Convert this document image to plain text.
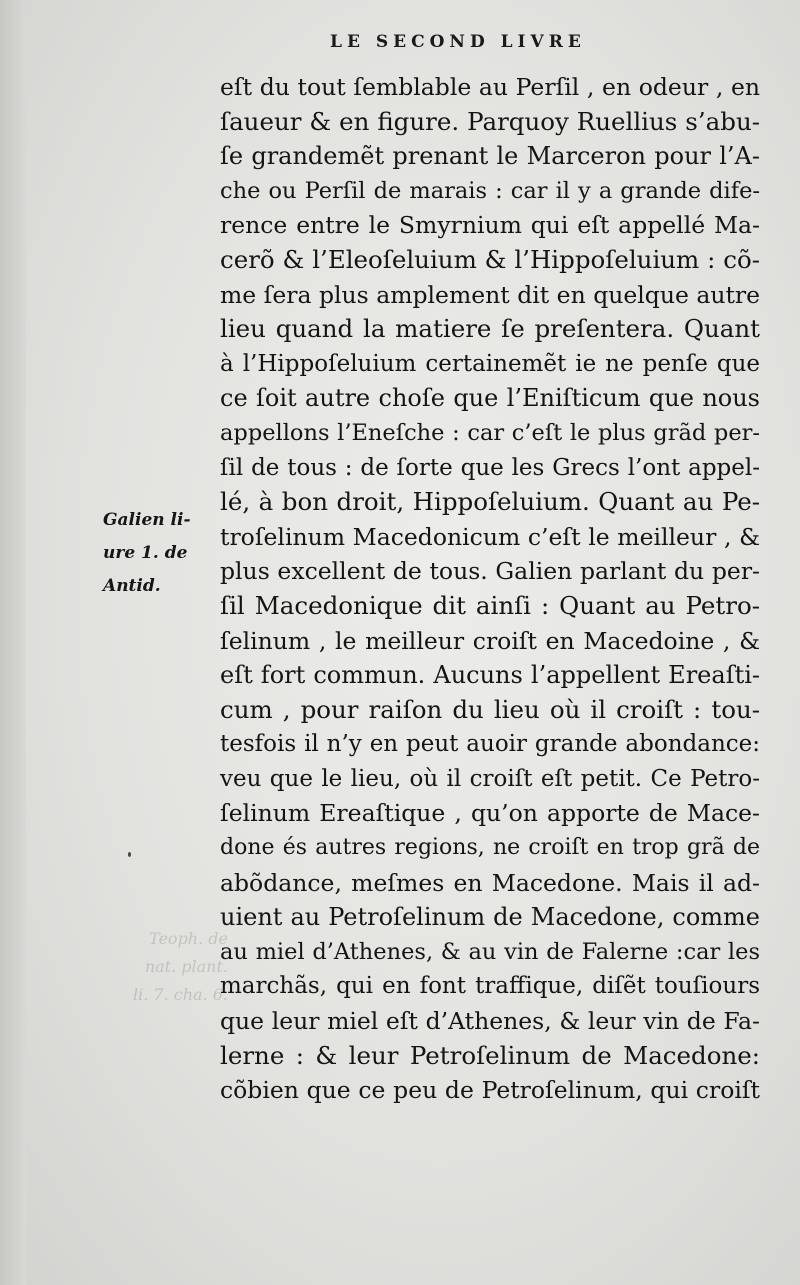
LE SECOND LIVRE
Galien li-
ure 1. de
Antid.
Teoph. de
nat. plant.
li. 7. cha. 6.
eſt du tout ſemblable au Perſil , en odeur , en
ſaueur & en figure. Parquoy Ruellius s’abu-
ſe grandemẽt prenant le Marceron pour l’A-
che ou Perſil de marais : car il y a grande dife-
rence entre le Smyrnium qui eſt appellé Ma-
cerõ & l’Eleoſeluium & l’Hippoſeluium : cõ-
me ſera plus amplement dit en quelque autre
lieu quand la matiere ſe preſentera. Quant
à l’Hippoſeluium certainemẽt ie ne penſe que
ce ſoit autre choſe que l’Eniſticum que nous
appellons l’Eneſche : car c’eſt le plus grãd per-
ſil de tous : de ſorte que les Grecs l’ont appel-
lé, à bon droit, Hippoſeluium. Quant au Pe-
troſelinum Macedonicum c’eſt le meilleur , &
plus excellent de tous. Galien parlant du per-
ſil Macedonique dit ainſi : Quant au Petro-
ſelinum , le meilleur croiſt en Macedoine , &
eſt fort commun. Aucuns l’appellent Ereaſti-
cum , pour raiſon du lieu où il croiſt : tou-
tesfois il n’y en peut auoir grande abondance:
veu que le lieu, où il croiſt eſt petit. Ce Petro-
ſelinum Ereaſtique , qu’on apporte de Mace-
done és autres regions, ne croiſt en trop grã de
abõdance, meſmes en Macedone. Mais il ad-
uient au Petroſelinum de Macedone, comme
au miel d’Athenes, & au vin de Falerne :car les
marchãs, qui en font traffique, diſẽt touſiours
que leur miel eſt d’Athenes, & leur vin de Fa-
lerne : & leur Petroſelinum de Macedone:
cõbien que ce peu de Petroſelinum, qui croiſt
